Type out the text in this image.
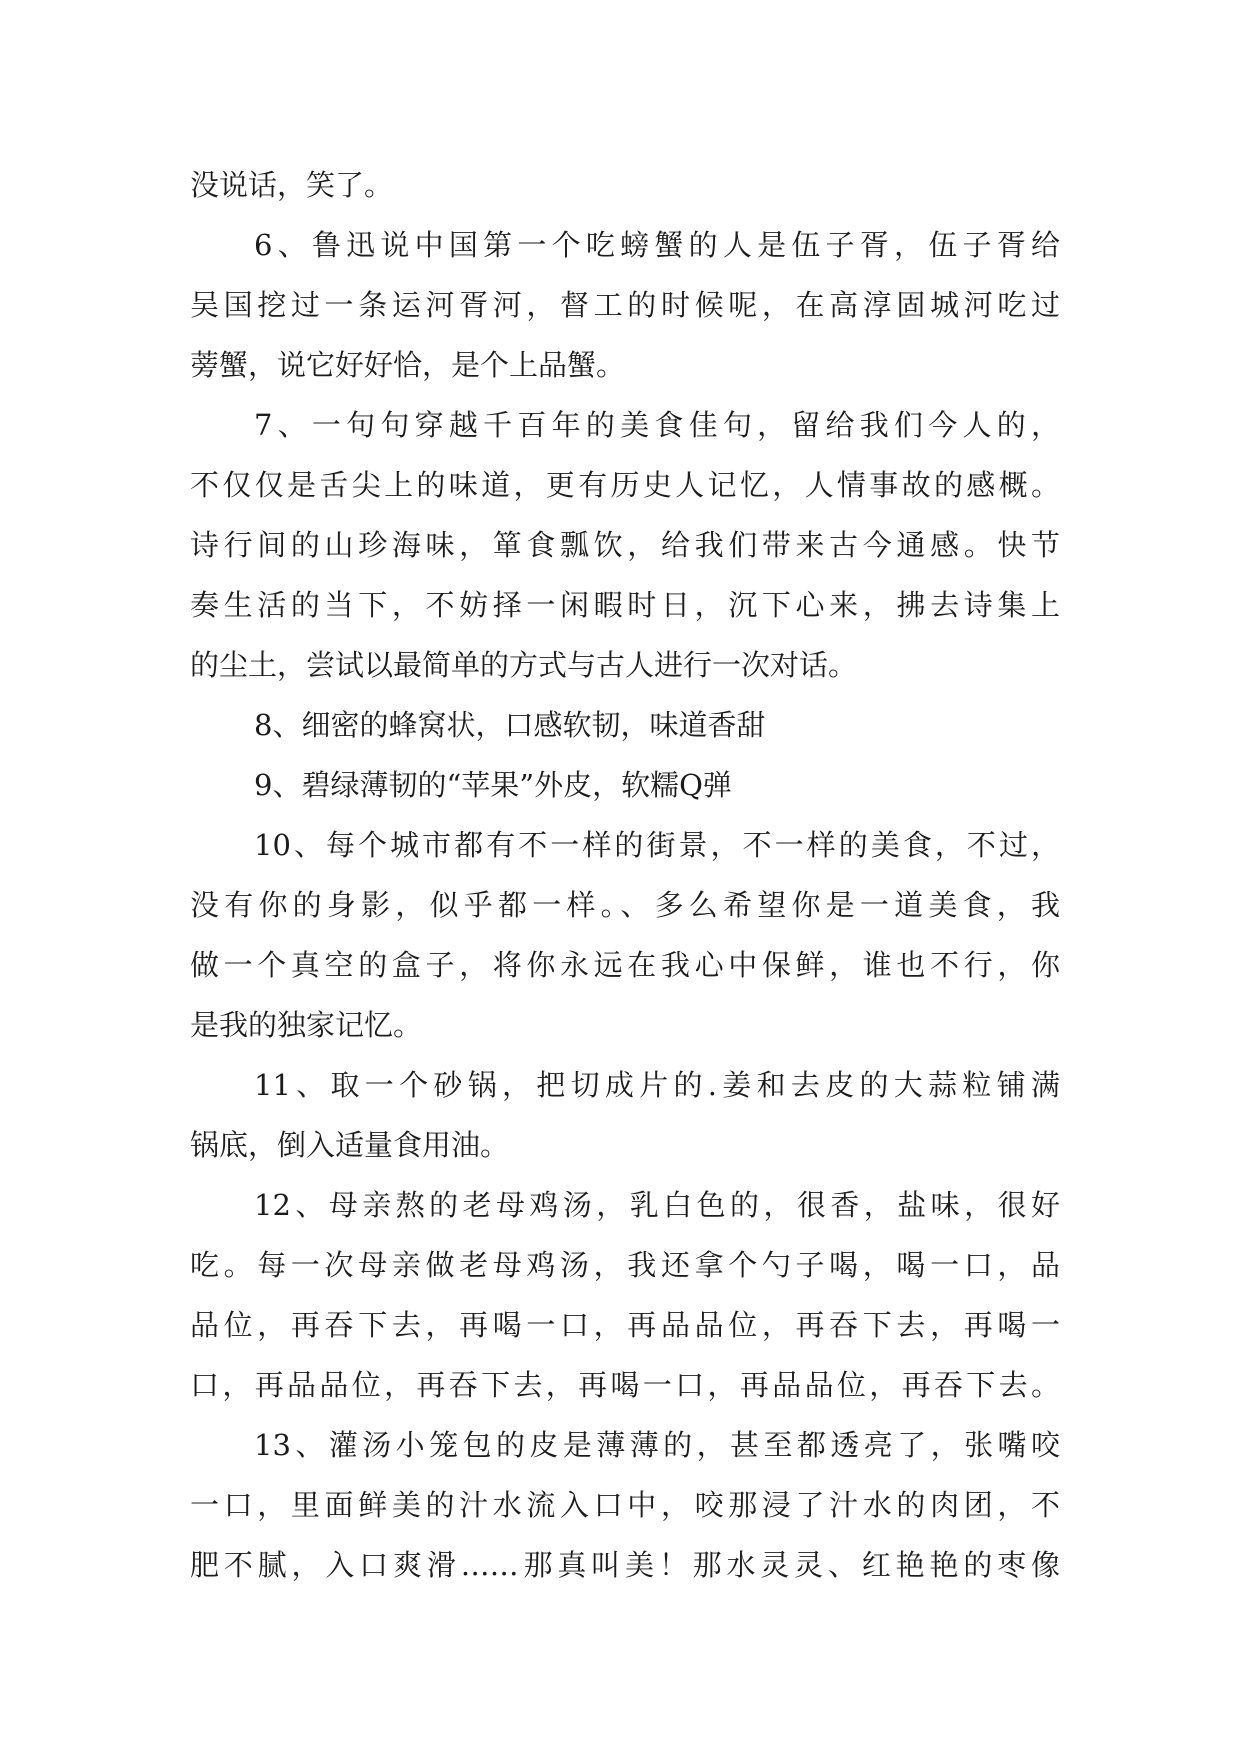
没说话，笑了。
6、鲁迅说中国第一个吃螃蟹的人是伍子胥，伍子胥给
吴国挖过一条运河胥河，督工的时候呢，在高淳固城河吃过
蒡蟹，说它好好恰，是个上品蟹。
7、一句句穿越千百年的美食佳句，留给我们今人的，
不仅仅是舌尖上的味道，更有历史人记忆，人情事故的感概。
诗行间的山珍海味，箪食瓢饮，给我们带来古今通感。快节
奏生活的当下，不妨择一闲暇时日，沉下心来，拂去诗集上
的尘土，尝试以最简单的方式与古人进行一次对话。
8、细密的蜂窝状，口感软韧，味道香甜
9、碧绿薄韧的“苹果”外皮，软糯Q弹
10、每个城市都有不一样的街景，不一样的美食，不过，
没有你的身影，似乎都一样。、多么希望你是一道美食，我
做一个真空的盒子，将你永远在我心中保鲜，谁也不行，你
是我的独家记忆。
11、取一个砂锅，把切成片的.姜和去皮的大蒜粒铺满
锅底，倒入适量食用油。
12、母亲熬的老母鸡汤，乳白色的，很香，盐味，很好
吃。每一次母亲做老母鸡汤，我还拿个勺子喝，喝一口，品
品位，再吞下去，再喝一口，再品品位，再吞下去，再喝一
口，再品品位，再吞下去，再喝一口，再品品位，再吞下去。
13、灌汤小笼包的皮是薄薄的，甚至都透亮了，张嘴咬
一口，里面鲜美的汁水流入口中，咬那浸了汁水的肉团，不
肥不腻，入口爽滑……那真叫美！那水灵灵、红艳艳的枣像
